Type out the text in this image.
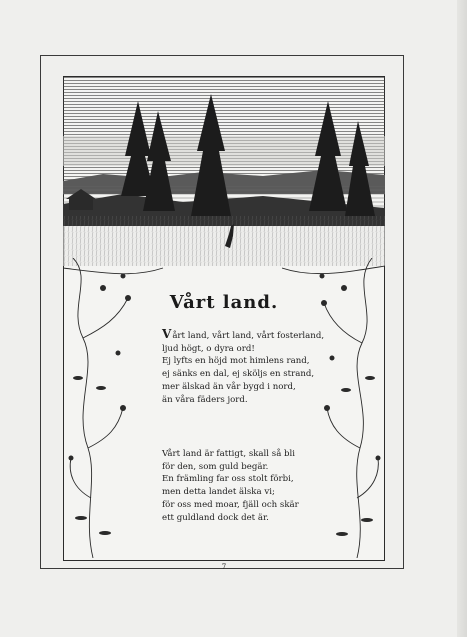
Vårt land.
Vårt land, vårt land, vårt fosterland,
ljud högt, o dyra ord!
Ej lyfts en höjd mot himlens rand,
ej sänks en dal, ej sköljs en strand,
mer älskad än vår bygd i nord,
än våra fäders jord.
Vårt land är fattigt, skall så bli
för den, som guld begär.
En främling far oss stolt förbi,
men detta landet älska vi;
för oss med moar, fjäll och skär
ett guldland dock det är.
7
